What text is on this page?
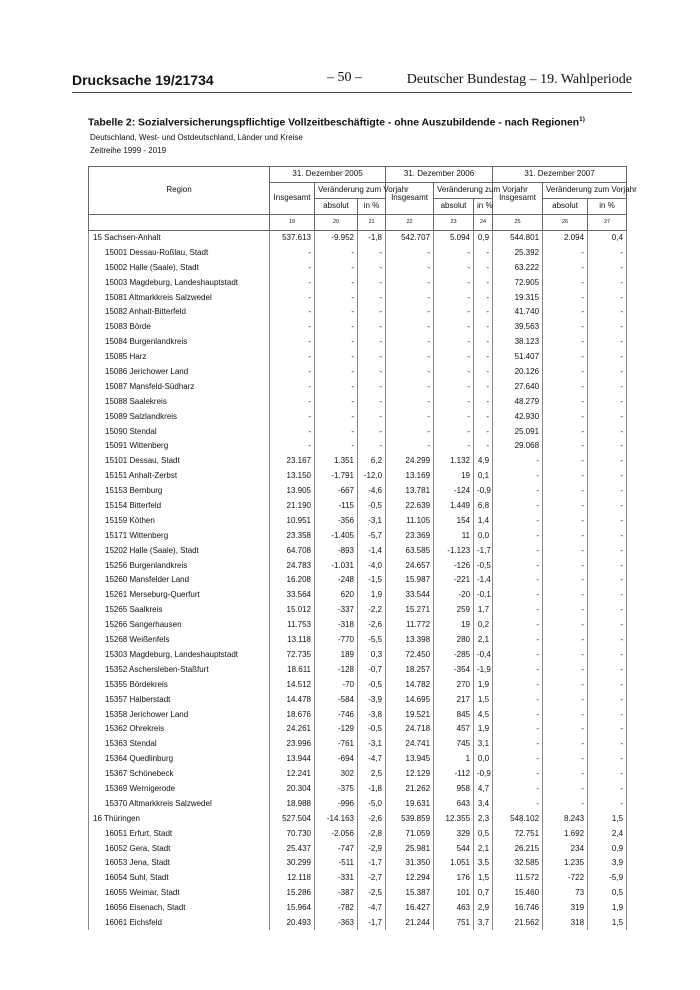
Drucksache 19/21734	– 50 –	Deutscher Bundestag – 19. Wahlperiode
Tabelle 2: Sozialversicherungspflichtige Vollzeitbeschäftigte - ohne Auszubildende - nach Regionen$^{1)}$
Deutschland, West- und Ostdeutschland, Länder und Kreise
Zeitreihe 1999 - 2019
Region	31. Dezember 2005			31. Dezember 2006			31. Dezember 2007		
	Insgesamt	Veränderung zum Vorjahr		Insgesamt	Veränderung zum Vorjahr		Insgesamt	Veränderung zum Vorjahr	
		absolut	in %		absolut	in %		absolut	in %
	19	20	21	22	23	24	25	26	27
15 Sachsen-Anhalt	537.613	-9.952	-1,8	542.707	5.094	0,9	544.801	2.094	0,4
15001 Dessau-Roßlau, Stadt	-	-	-	-	-	-	25.392	-	-
15002 Halle (Saale), Stadt	-	-	-	-	-	-	63.222	-	-
15003 Magdeburg, Landeshauptstadt	-	-	-	-	-	-	72.905	-	-
15081 Altmarkkreis Salzwedel	-	-	-	-	-	-	19.315	-	-
15082 Anhalt-Bitterfeld	-	-	-	-	-	-	41.740	-	-
15083 Börde	-	-	-	-	-	-	39.563	-	-
15084 Burgenlandkreis	-	-	-	-	-	-	38.123	-	-
15085 Harz	-	-	-	-	-	-	51.407	-	-
15086 Jerichower Land	-	-	-	-	-	-	20.126	-	-
15087 Mansfeld-Südharz	-	-	-	-	-	-	27.640	-	-
15088 Saalekreis	-	-	-	-	-	-	48.279	-	-
15089 Salzlandkreis	-	-	-	-	-	-	42.930	-	-
15090 Stendal	-	-	-	-	-	-	25.091	-	-
15091 Wittenberg	-	-	-	-	-	-	29.068	-	-
15101 Dessau, Stadt	23.167	1.351	6,2	24.299	1.132	4,9	-	-	-
15151 Anhalt-Zerbst	13.150	-1.791	-12,0	13.169	19	0,1	-	-	-
15153 Bernburg	13.905	-667	-4,6	13.781	-124	-0,9	-	-	-
15154 Bitterfeld	21.190	-115	-0,5	22.639	1.449	6,8	-	-	-
15159 Köthen	10.951	-356	-3,1	11.105	154	1,4	-	-	-
15171 Wittenberg	23.358	-1.405	-5,7	23.369	11	0,0	-	-	-
15202 Halle (Saale), Stadt	64.708	-893	-1,4	63.585	-1.123	-1,7	-	-	-
15256 Burgenlandkreis	24.783	-1.031	-4,0	24.657	-126	-0,5	-	-	-
15260 Mansfelder Land	16.208	-248	-1,5	15.987	-221	-1,4	-	-	-
15261 Merseburg-Querfurt	33.564	620	1,9	33.544	-20	-0,1	-	-	-
15265 Saalkreis	15.012	-337	-2,2	15.271	259	1,7	-	-	-
15266 Sangerhausen	11.753	-318	-2,6	11.772	19	0,2	-	-	-
15268 Weißenfels	13.118	-770	-5,5	13.398	280	2,1	-	-	-
15303 Magdeburg, Landeshauptstadt	72.735	189	0,3	72.450	-285	-0,4	-	-	-
15352 Aschersleben-Staßfurt	18.611	-128	-0,7	18.257	-354	-1,9	-	-	-
15355 Bördekreis	14.512	-70	-0,5	14.782	270	1,9	-	-	-
15357 Halberstadt	14.478	-584	-3,9	14.695	217	1,5	-	-	-
15358 Jerichower Land	18.676	-746	-3,8	19.521	845	4,5	-	-	-
15362 Ohrekreis	24.261	-129	-0,5	24.718	457	1,9	-	-	-
15363 Stendal	23.996	-761	-3,1	24.741	745	3,1	-	-	-
15364 Quedlinburg	13.944	-694	-4,7	13.945	1	0,0	-	-	-
15367 Schönebeck	12.241	302	2,5	12.129	-112	-0,9	-	-	-
15369 Wernigerode	20.304	-375	-1,8	21.262	958	4,7	-	-	-
15370 Altmarkkreis Salzwedel	18.988	-996	-5,0	19.631	643	3,4	-	-	-
16 Thüringen	527.504	-14.163	-2,6	539.859	12.355	2,3	548.102	8.243	1,5
16051 Erfurt, Stadt	70.730	-2.056	-2,8	71.059	329	0,5	72.751	1.692	2,4
16052 Gera, Stadt	25.437	-747	-2,9	25.981	544	2,1	26.215	234	0,9
16053 Jena, Stadt	30.299	-511	-1,7	31.350	1.051	3,5	32.585	1.235	3,9
16054 Suhl, Stadt	12.118	-331	-2,7	12.294	176	1,5	11.572	-722	-5,9
16055 Weimar, Stadt	15.286	-387	-2,5	15.387	101	0,7	15.460	73	0,5
16056 Eisenach, Stadt	15.964	-782	-4,7	16.427	463	2,9	16.746	319	1,9
16061 Eichsfeld	20.493	-363	-1,7	21.244	751	3,7	21.562	318	1,5
